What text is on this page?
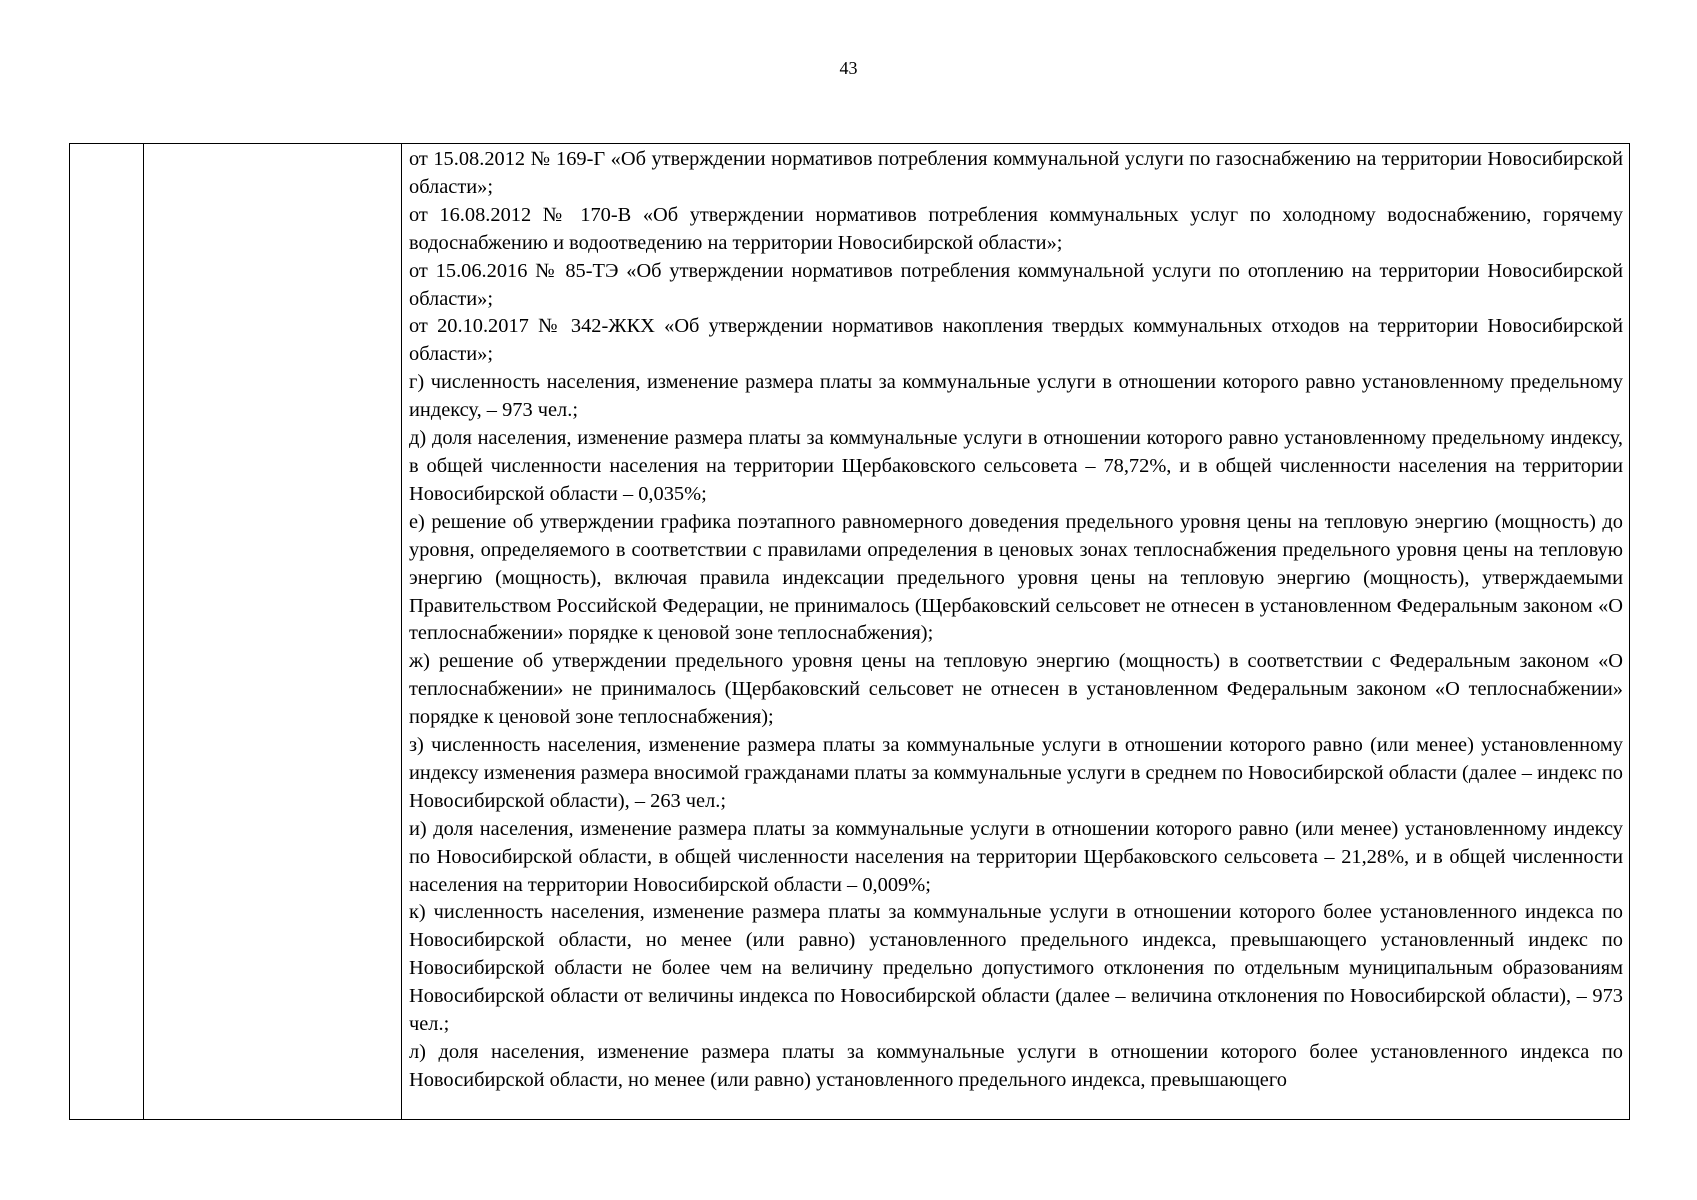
43

от 15.08.2012 № 169-Г «Об утверждении нормативов потребления коммунальной услуги по газоснабжению на территории Новосибирской области»;

от 16.08.2012 № 170-В «Об утверждении нормативов потребления коммунальных услуг по холодному водоснабжению, горячему водоснабжению и водоотведению на территории Новосибирской области»;

от 15.06.2016 № 85-ТЭ «Об утверждении нормативов потребления коммунальной услуги по отоплению на территории Новосибирской области»;

от 20.10.2017 № 342-ЖКХ «Об утверждении нормативов накопления твердых коммунальных отходов на территории Новосибирской области»;

г) численность населения, изменение размера платы за коммунальные услуги в отношении которого равно установленному предельному индексу, – 973 чел.;

д) доля населения, изменение размера платы за коммунальные услуги в отношении которого равно установленному предельному индексу, в общей численности населения на территории Щербаковского сельсовета – 78,72%, и в общей численности населения на территории Новосибирской области – 0,035%;

е) решение об утверждении графика поэтапного равномерного доведения предельного уровня цены на тепловую энергию (мощность) до уровня, определяемого в соответствии с правилами определения в ценовых зонах теплоснабжения предельного уровня цены на тепловую энергию (мощность), включая правила индексации предельного уровня цены на тепловую энергию (мощность), утверждаемыми Правительством Российской Федерации, не принималось (Щербаковский сельсовет не отнесен в установленном Федеральным законом «О теплоснабжении» порядке к ценовой зоне теплоснабжения);

ж) решение об утверждении предельного уровня цены на тепловую энергию (мощность) в соответствии с Федеральным законом «О теплоснабжении» не принималось (Щербаковский сельсовет не отнесен в установленном Федеральным законом «О теплоснабжении» порядке к ценовой зоне теплоснабжения);

з) численность населения, изменение размера платы за коммунальные услуги в отношении которого равно (или менее) установленному индексу изменения размера вносимой гражданами платы за коммунальные услуги в среднем по Новосибирской области (далее – индекс по Новосибирской области), – 263 чел.;

и) доля населения, изменение размера платы за коммунальные услуги в отношении которого равно (или менее) установленному индексу по Новосибирской области, в общей численности населения на территории Щербаковского сельсовета – 21,28%, и в общей численности населения на территории Новосибирской области – 0,009%;

к) численность населения, изменение размера платы за коммунальные услуги в отношении которого более установленного индекса по Новосибирской области, но менее (или равно) установленного предельного индекса, превышающего установленный индекс по Новосибирской области не более чем на величину предельно допустимого отклонения по отдельным муниципальным образованиям Новосибирской области от величины индекса по Новосибирской области (далее – величина отклонения по Новосибирской области), – 973 чел.;

л) доля населения, изменение размера платы за коммунальные услуги в отношении которого более установленного индекса по Новосибирской области, но менее (или равно) установленного предельного индекса, превышающего
